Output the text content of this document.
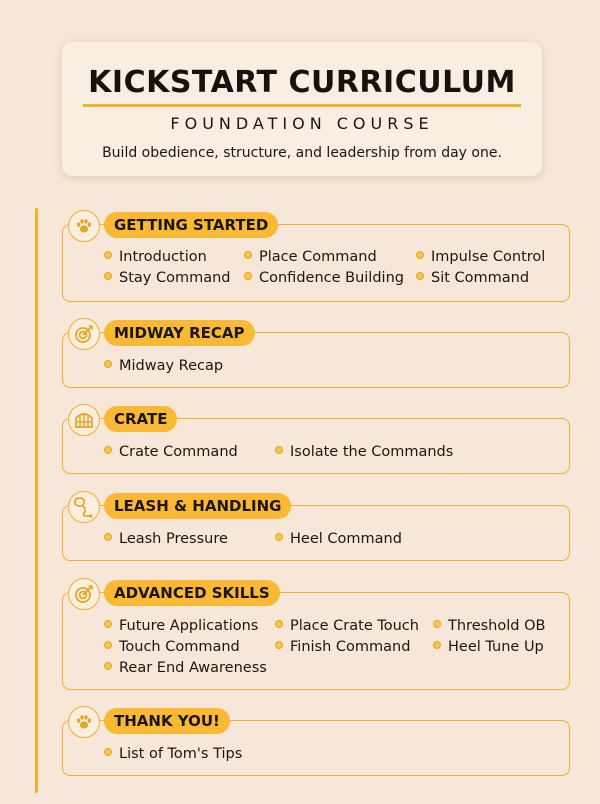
KICKSTART CURRICULUM
FOUNDATION COURSE
Build obedience, structure, and leadership from day one.
GETTING STARTED
Introduction	Place Command	Impulse Control
Stay Command	Confidence Building	Sit Command
MIDWAY RECAP
Midway Recap
CRATE
Crate Command	Isolate the Commands
LEASH & HANDLING
Leash Pressure	Heel Command
ADVANCED SKILLS
Future Applications	Place Crate Touch	Threshold OB
Touch Command	Finish Command	Heel Tune Up
Rear End Awareness
THANK YOU!
List of Tom's Tips
